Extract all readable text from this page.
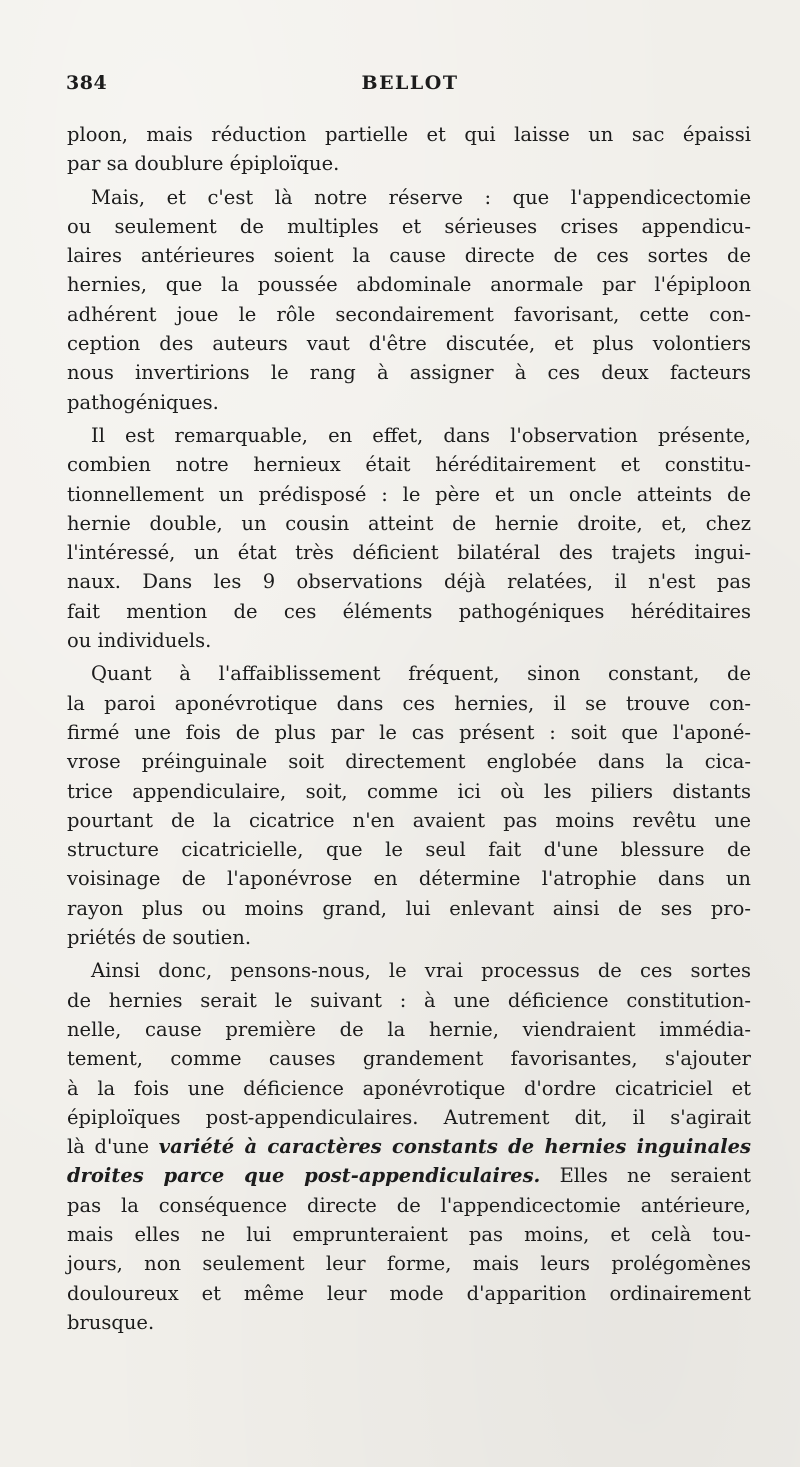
384	BELLOT
ploon, mais réduction partielle et qui laisse un sac épaissi
par sa doublure épiploïque.
Mais, et c'est là notre réserve : que l'appendicectomie
ou seulement de multiples et sérieuses crises appendicu-
laires antérieures soient la cause directe de ces sortes de
hernies, que la poussée abdominale anormale par l'épiploon
adhérent joue le rôle secondairement favorisant, cette con-
ception des auteurs vaut d'être discutée, et plus volontiers
nous invertirions le rang à assigner à ces deux facteurs
pathogéniques.
Il est remarquable, en effet, dans l'observation présente,
combien notre hernieux était héréditairement et constitu-
tionnellement un prédisposé : le père et un oncle atteints de
hernie double, un cousin atteint de hernie droite, et, chez
l'intéressé, un état très déficient bilatéral des trajets ingui-
naux. Dans les 9 observations déjà relatées, il n'est pas
fait mention de ces éléments pathogéniques héréditaires
ou individuels.
Quant à l'affaiblissement fréquent, sinon constant, de
la paroi aponévrotique dans ces hernies, il se trouve con-
firmé une fois de plus par le cas présent : soit que l'aponé-
vrose préinguinale soit directement englobée dans la cica-
trice appendiculaire, soit, comme ici où les piliers distants
pourtant de la cicatrice n'en avaient pas moins revêtu une
structure cicatricielle, que le seul fait d'une blessure de
voisinage de l'aponévrose en détermine l'atrophie dans un
rayon plus ou moins grand, lui enlevant ainsi de ses pro-
priétés de soutien.
Ainsi donc, pensons-nous, le vrai processus de ces sortes
de hernies serait le suivant : à une déficience constitution-
nelle, cause première de la hernie, viendraient immédia-
tement, comme causes grandement favorisantes, s'ajouter
à la fois une déficience aponévrotique d'ordre cicatriciel et
épiploïques post-appendiculaires. Autrement dit, il s'agirait
là d'une variété à caractères constants de hernies inguinales
droites parce que post-appendiculaires. Elles ne seraient
pas la conséquence directe de l'appendicectomie antérieure,
mais elles ne lui emprunteraient pas moins, et celà tou-
jours, non seulement leur forme, mais leurs prolégomènes
douloureux et même leur mode d'apparition ordinairement
brusque.
